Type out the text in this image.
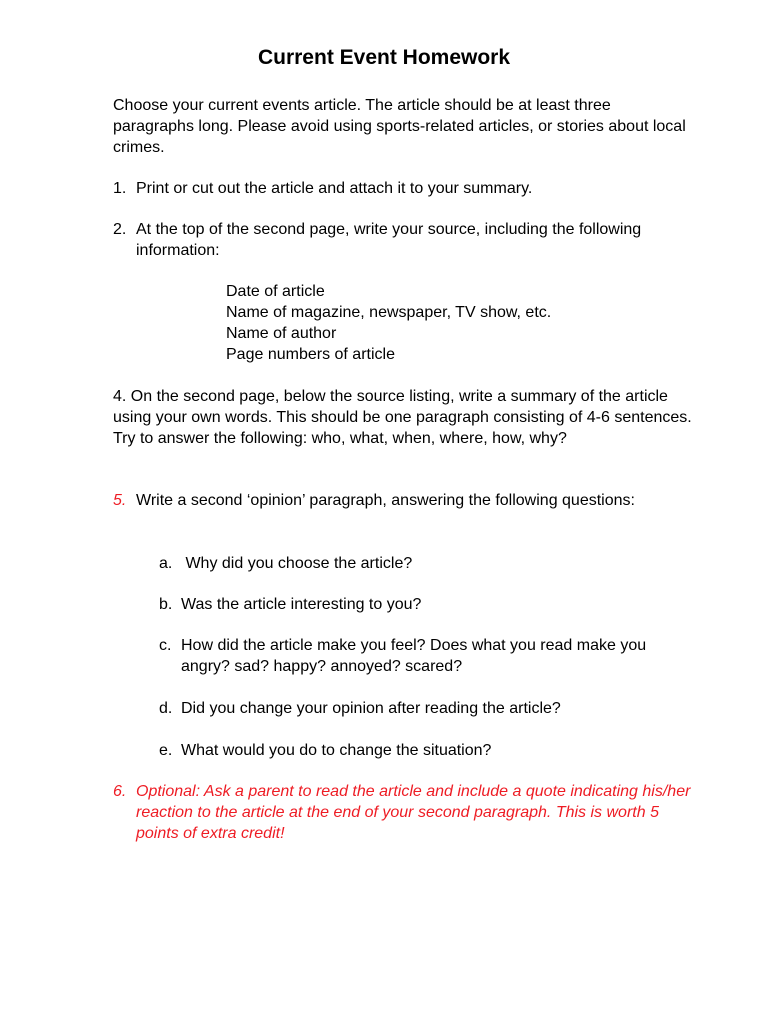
Current Event Homework

Choose your current events article. The article should be at least three paragraphs long. Please avoid using sports-related articles, or stories about local crimes.

1. Print or cut out the article and attach it to your summary.
2. At the top of the second page, write your source, including the following information:
Date of article
Name of magazine, newspaper, TV show, etc.
Name of author
Page numbers of article

4. On the second page, below the source listing, write a summary of the article using your own words. This should be one paragraph consisting of 4-6 sentences. Try to answer the following: who, what, when, where, how, why?

5. Write a second ‘opinion’ paragraph, answering the following questions:
a. Why did you choose the article?
b. Was the article interesting to you?
c. How did the article make you feel? Does what you read make you angry? sad? happy? annoyed? scared?
d. Did you change your opinion after reading the article?
e. What would you do to change the situation?
6. Optional: Ask a parent to read the article and include a quote indicating his/her reaction to the article at the end of your second paragraph. This is worth 5 points of extra credit!
